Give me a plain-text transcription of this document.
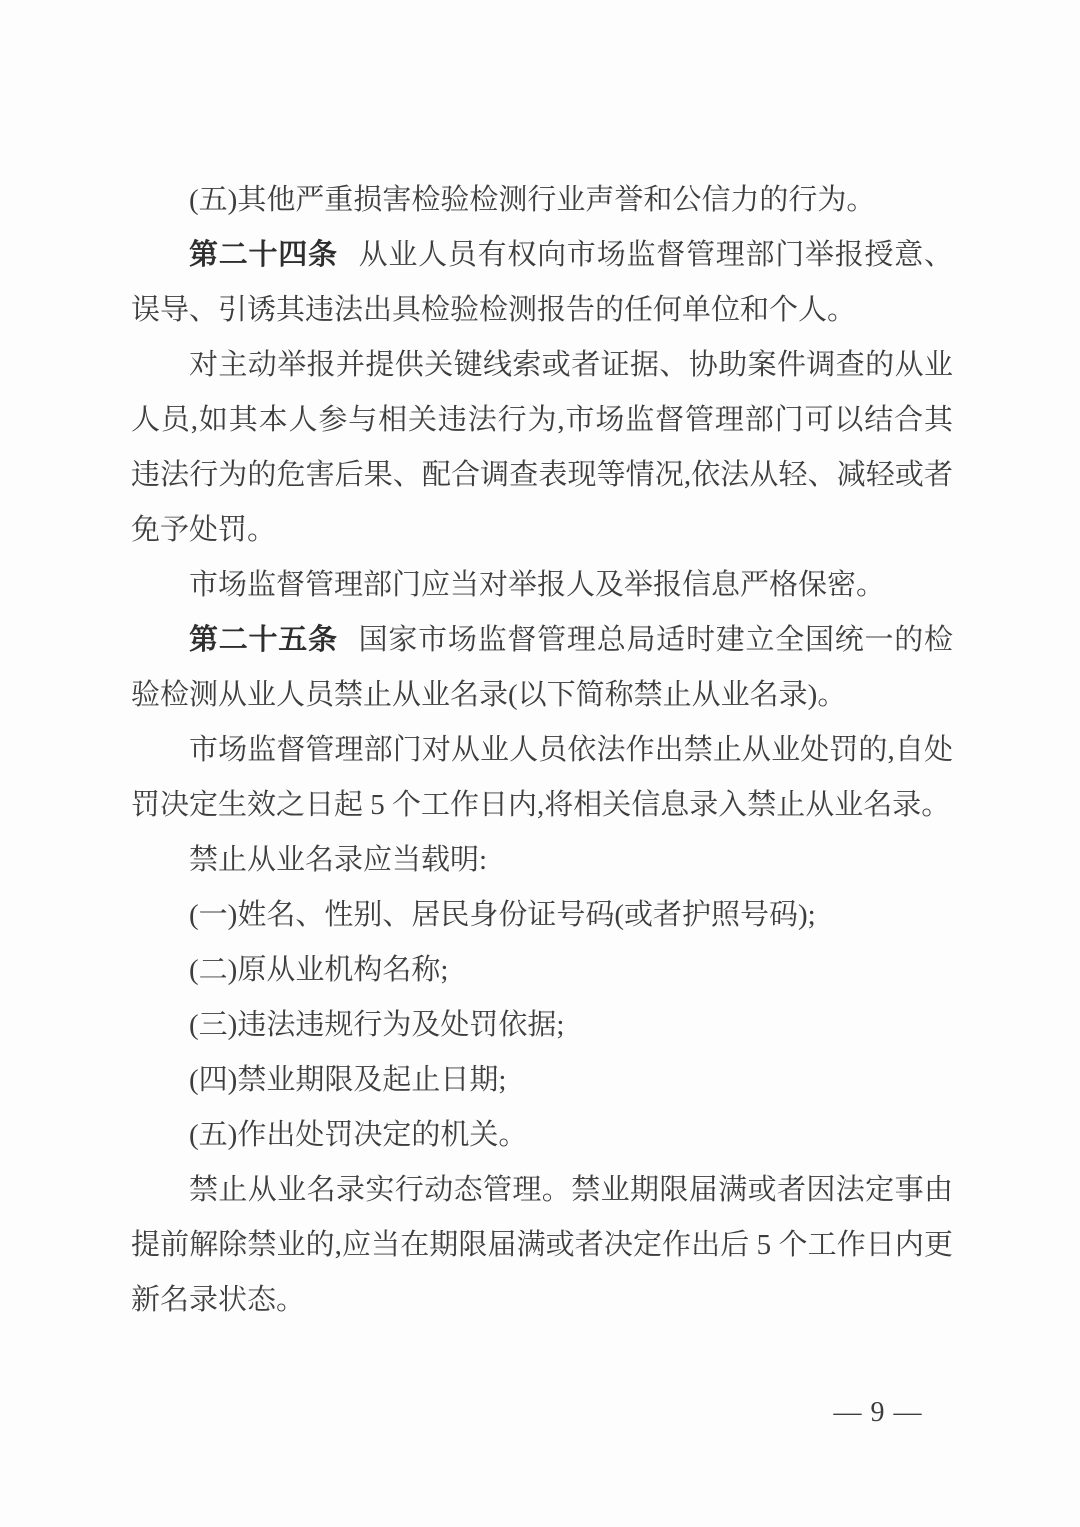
(五)其他严重损害检验检测行业声誉和公信力的行为。

第二十四条 从业人员有权向市场监督管理部门举报授意、误导、引诱其违法出具检验检测报告的任何单位和个人。

对主动举报并提供关键线索或者证据、协助案件调查的从业人员,如其本人参与相关违法行为,市场监督管理部门可以结合其违法行为的危害后果、配合调查表现等情况,依法从轻、减轻或者免予处罚。

市场监督管理部门应当对举报人及举报信息严格保密。

第二十五条 国家市场监督管理总局适时建立全国统一的检验检测从业人员禁止从业名录(以下简称禁止从业名录)。

市场监督管理部门对从业人员依法作出禁止从业处罚的,自处罚决定生效之日起 5 个工作日内,将相关信息录入禁止从业名录。

禁止从业名录应当载明:

(一)姓名、性别、居民身份证号码(或者护照号码);

(二)原从业机构名称;

(三)违法违规行为及处罚依据;

(四)禁业期限及起止日期;

(五)作出处罚决定的机关。

禁止从业名录实行动态管理。禁业期限届满或者因法定事由提前解除禁业的,应当在期限届满或者决定作出后 5 个工作日内更新名录状态。

— 9 —
